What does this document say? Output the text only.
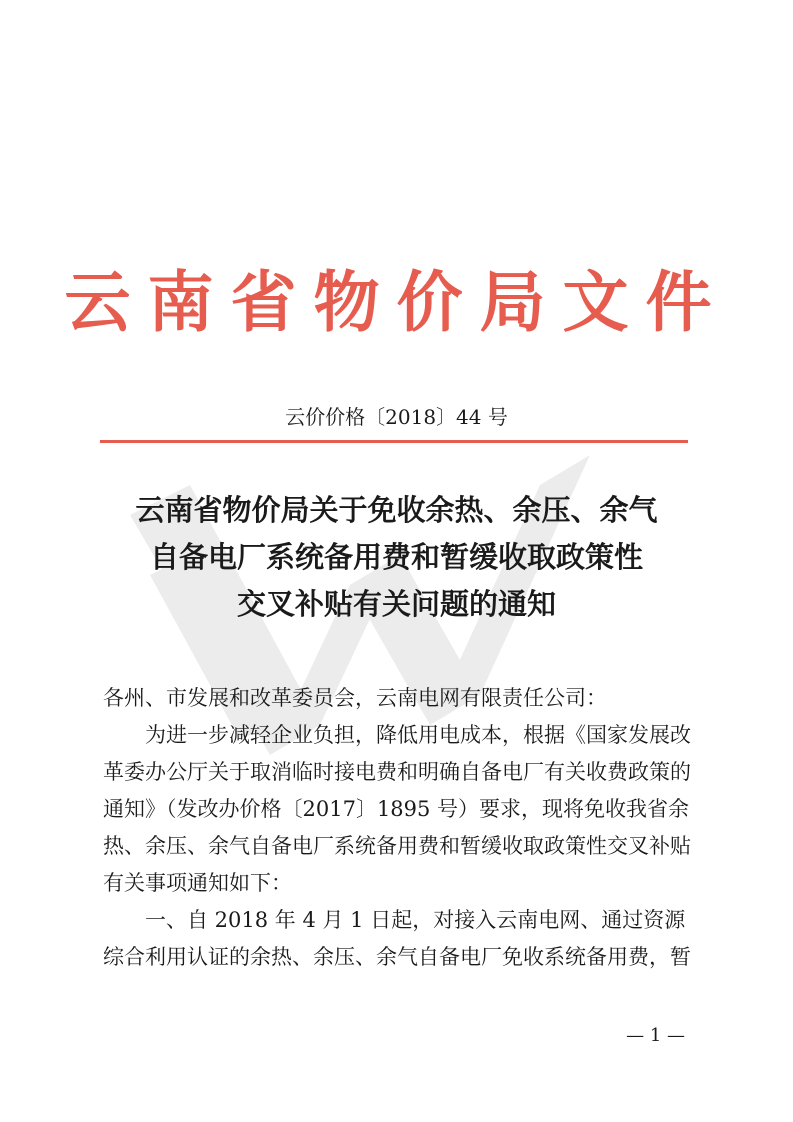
云南省物价局文件
云价价格〔2018〕44 号
云南省物价局关于免收余热、余压、余气
自备电厂系统备用费和暂缓收取政策性
交叉补贴有关问题的通知

各州、市发展和改革委员会，云南电网有限责任公司：

为进一步减轻企业负担，降低用电成本，根据《国家发展改革委办公厅关于取消临时接电费和明确自备电厂有关收费政策的通知》（发改办价格〔2017〕1895 号）要求，现将免收我省余热、余压、余气自备电厂系统备用费和暂缓收取政策性交叉补贴有关事项通知如下：

一、自 2018 年 4 月 1 日起，对接入云南电网、通过资源综合利用认证的余热、余压、余气自备电厂免收系统备用费，暂

— 1 —
